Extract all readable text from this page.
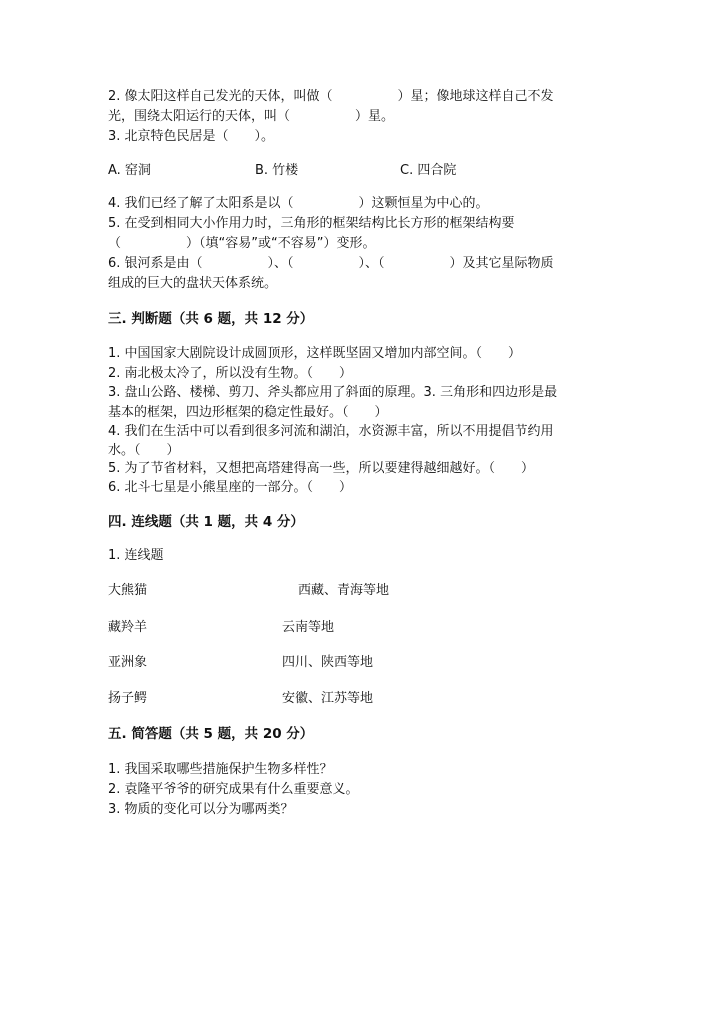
2. 像太阳这样自己发光的天体，叫做（　　　　　）星；像地球这样自己不发
光，围绕太阳运行的天体，叫（　　　　　）星。
3. 北京特色民居是（　　）。
A. 窑洞	B. 竹楼	C. 四合院
4. 我们已经了解了太阳系是以（　　　　　）这颗恒星为中心的。
5. 在受到相同大小作用力时，三角形的框架结构比长方形的框架结构要
（　　　　　）（填“容易”或“不容易”）变形。
6. 银河系是由（　　　　　）、（　　　　　）、（　　　　　）及其它星际物质
组成的巨大的盘状天体系统。
三. 判断题（共 6 题，共 12 分）
1. 中国国家大剧院设计成圆顶形，这样既坚固又增加内部空间。（　　）
2. 南北极太冷了，所以没有生物。（　　）
3. 盘山公路、楼梯、剪刀、斧头都应用了斜面的原理。3. 三角形和四边形是最
基本的框架，四边形框架的稳定性最好。（　　）
4. 我们在生活中可以看到很多河流和湖泊，水资源丰富，所以不用提倡节约用
水。（　　）
5. 为了节省材料，又想把高塔建得高一些，所以要建得越细越好。（　　）
6. 北斗七星是小熊星座的一部分。（　　）
四. 连线题（共 1 题，共 4 分）
1. 连线题
大熊猫	西藏、青海等地
藏羚羊	云南等地
亚洲象	四川、陕西等地
扬子鳄	安徽、江苏等地
五. 简答题（共 5 题，共 20 分）
1. 我国采取哪些措施保护生物多样性？
2. 袁隆平爷爷的研究成果有什么重要意义。
3. 物质的变化可以分为哪两类？
